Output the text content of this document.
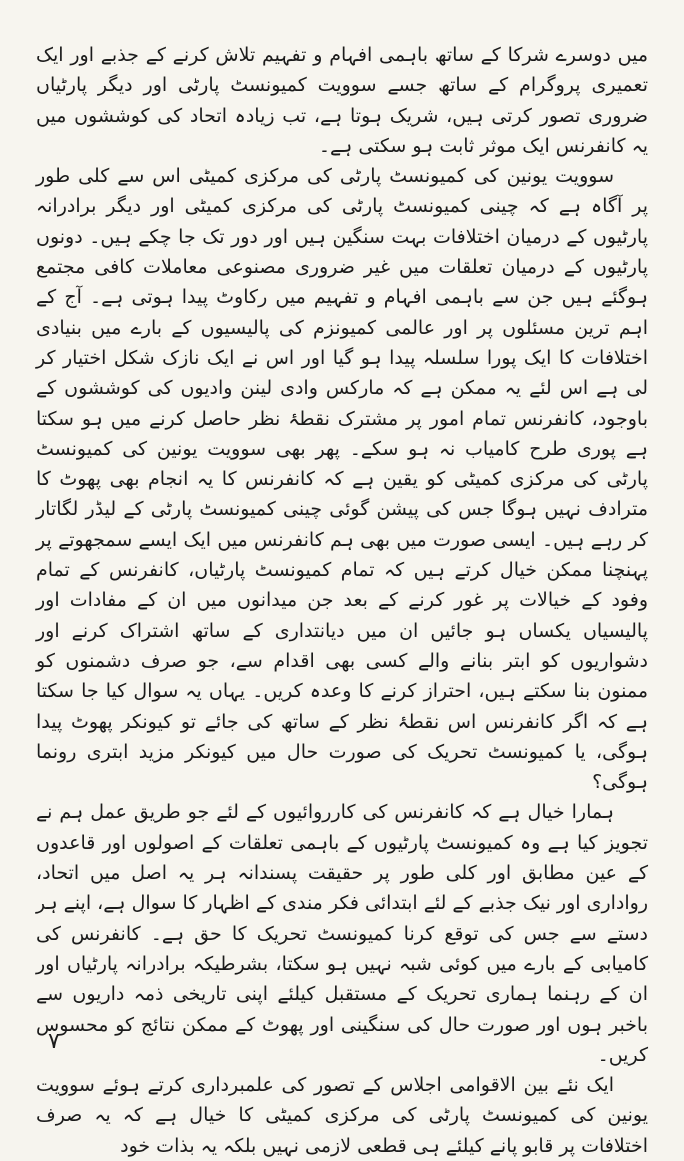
میں دوسرے شرکا کے ساتھ باہمی افہام و تفہیم تلاش کرنے کے جذبے اور ایک تعمیری پروگرام کے ساتھ جسے سوویت کمیونسٹ پارٹی اور دیگر پارٹیاں ضروری تصور کرتی ہیں، شریک ہوتا ہے، تب زیادہ اتحاد کی کوششوں میں یہ کانفرنس ایک موثر ثابت ہو سکتی ہے۔

سوویت یونین کی کمیونسٹ پارٹی کی مرکزی کمیٹی اس سے کلی طور پر آگاہ ہے کہ چینی کمیونسٹ پارٹی کی مرکزی کمیٹی اور دیگر برادرانہ پارٹیوں کے درمیان اختلافات بہت سنگین ہیں اور دور تک جا چکے ہیں۔ دونوں پارٹیوں کے درمیان تعلقات میں غیر ضروری مصنوعی معاملات کافی مجتمع ہوگئے ہیں جن سے باہمی افہام و تفہیم میں رکاوٹ پیدا ہوتی ہے۔ آج کے اہم ترین مسئلوں پر اور عالمی کمیونزم کی پالیسیوں کے بارے میں بنیادی اختلافات کا ایک پورا سلسلہ پیدا ہو گیا اور اس نے ایک نازک شکل اختیار کر لی ہے اس لئے یہ ممکن ہے کہ مارکس وادی لینن وادیوں کی کوششوں کے باوجود، کانفرنس تمام امور پر مشترک نقطۂ نظر حاصل کرنے میں ہو سکتا ہے پوری طرح کامیاب نہ ہو سکے۔ پھر بھی سوویت یونین کی کمیونسٹ پارٹی کی مرکزی کمیٹی کو یقین ہے کہ کانفرنس کا یہ انجام بھی پھوٹ کا مترادف نہیں ہوگا جس کی پیشن گوئی چینی کمیونسٹ پارٹی کے لیڈر لگاتار کر رہے ہیں۔ ایسی صورت میں بھی ہم کانفرنس میں ایک ایسے سمجھوتے پر پہنچنا ممکن خیال کرتے ہیں کہ تمام کمیونسٹ پارٹیاں، کانفرنس کے تمام وفود کے خیالات پر غور کرنے کے بعد جن میدانوں میں ان کے مفادات اور پالیسیاں یکساں ہو جائیں ان میں دیانتداری کے ساتھ اشتراک کرنے اور دشواریوں کو ابتر بنانے والے کسی بھی اقدام سے، جو صرف دشمنوں کو ممنون بنا سکتے ہیں، احتراز کرنے کا وعدہ کریں۔ یہاں یہ سوال کیا جا سکتا ہے کہ اگر کانفرنس اس نقطۂ نظر کے ساتھ کی جائے تو کیونکر پھوٹ پیدا ہوگی، یا کمیونسٹ تحریک کی صورت حال میں کیونکر مزید ابتری رونما ہوگی؟

ہمارا خیال ہے کہ کانفرنس کی کارروائیوں کے لئے جو طریق عمل ہم نے تجویز کیا ہے وہ کمیونسٹ پارٹیوں کے باہمی تعلقات کے اصولوں اور قاعدوں کے عین مطابق اور کلی طور پر حقیقت پسندانہ ہر یہ اصل میں اتحاد، رواداری اور نیک جذبے کے لئے ابتدائی فکر مندی کے اظہار کا سوال ہے، اپنے ہر دستے سے جس کی توقع کرنا کمیونسٹ تحریک کا حق ہے۔ کانفرنس کی کامیابی کے بارے میں کوئی شبہ نہیں ہو سکتا، بشرطیکہ برادرانہ پارٹیاں اور ان کے رہنما ہماری تحریک کے مستقبل کیلئے اپنی تاریخی ذمہ داریوں سے باخبر ہوں اور صورت حال کی سنگینی اور پھوٹ کے ممکن نتائج کو محسوس کریں۔

ایک نئے بین الاقوامی اجلاس کے تصور کی علمبرداری کرتے ہوئے سوویت یونین کی کمیونسٹ پارٹی کی مرکزی کمیٹی کا خیال ہے کہ یہ صرف اختلافات پر قابو پانے کیلئے ہی قطعی لازمی نہیں بلکہ یہ بذات خود

۷
